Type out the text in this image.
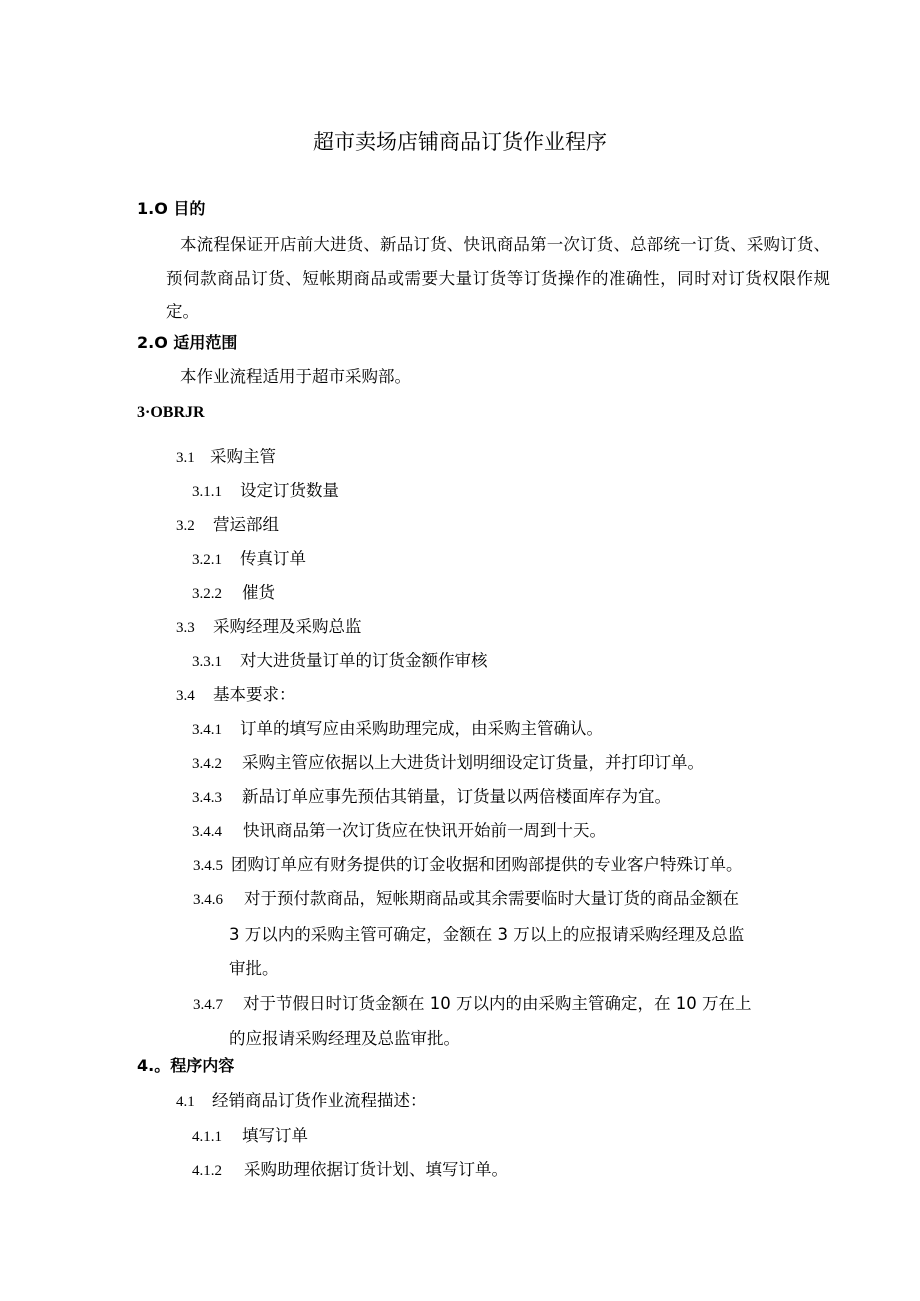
超市卖场店铺商品订货作业程序
1.O 目的

本流程保证开店前大进货、新品订货、快讯商品第一次订货、总部统一订货、采购订货、预伺款商品订货、短帐期商品或需要大量订货等订货操作的准确性，同时对订货权限作规定。

2.O 适用范围
本作业流程适用于超市采购部。
3·OBRJR
3.1 采购主管
3.1.1 设定订货数量
3.2 营运部组
3.2.1 传真订单
3.2.2 催货
3.3 采购经理及采购总监
3.3.1 对大进货量订单的订货金额作审核
3.4 基本要求：
3.4.1 订单的填写应由采购助理完成，由采购主管确认。
3.4.2 采购主管应依据以上大进货计划明细设定订货量，并打印订单。
3.4.3 新品订单应事先预估其销量，订货量以两倍楼面库存为宜。
3.4.4 快讯商品第一次订货应在快讯开始前一周到十天。
3.4.5 团购订单应有财务提供的订金收据和团购部提供的专业客户特殊订单。
3.4.6 对于预付款商品，短帐期商品或其余需要临时大量订货的商品金额在
3 万以内的采购主管可确定，金额在 3 万以上的应报请采购经理及总监
审批。
3.4.7 对于节假日时订货金额在 10 万以内的由采购主管确定，在 10 万在上
的应报请采购经理及总监审批。
4.。程序内容
4.1 经销商品订货作业流程描述：
4.1.1 填写订单
4.1.2 采购助理依据订货计划、填写订单。
